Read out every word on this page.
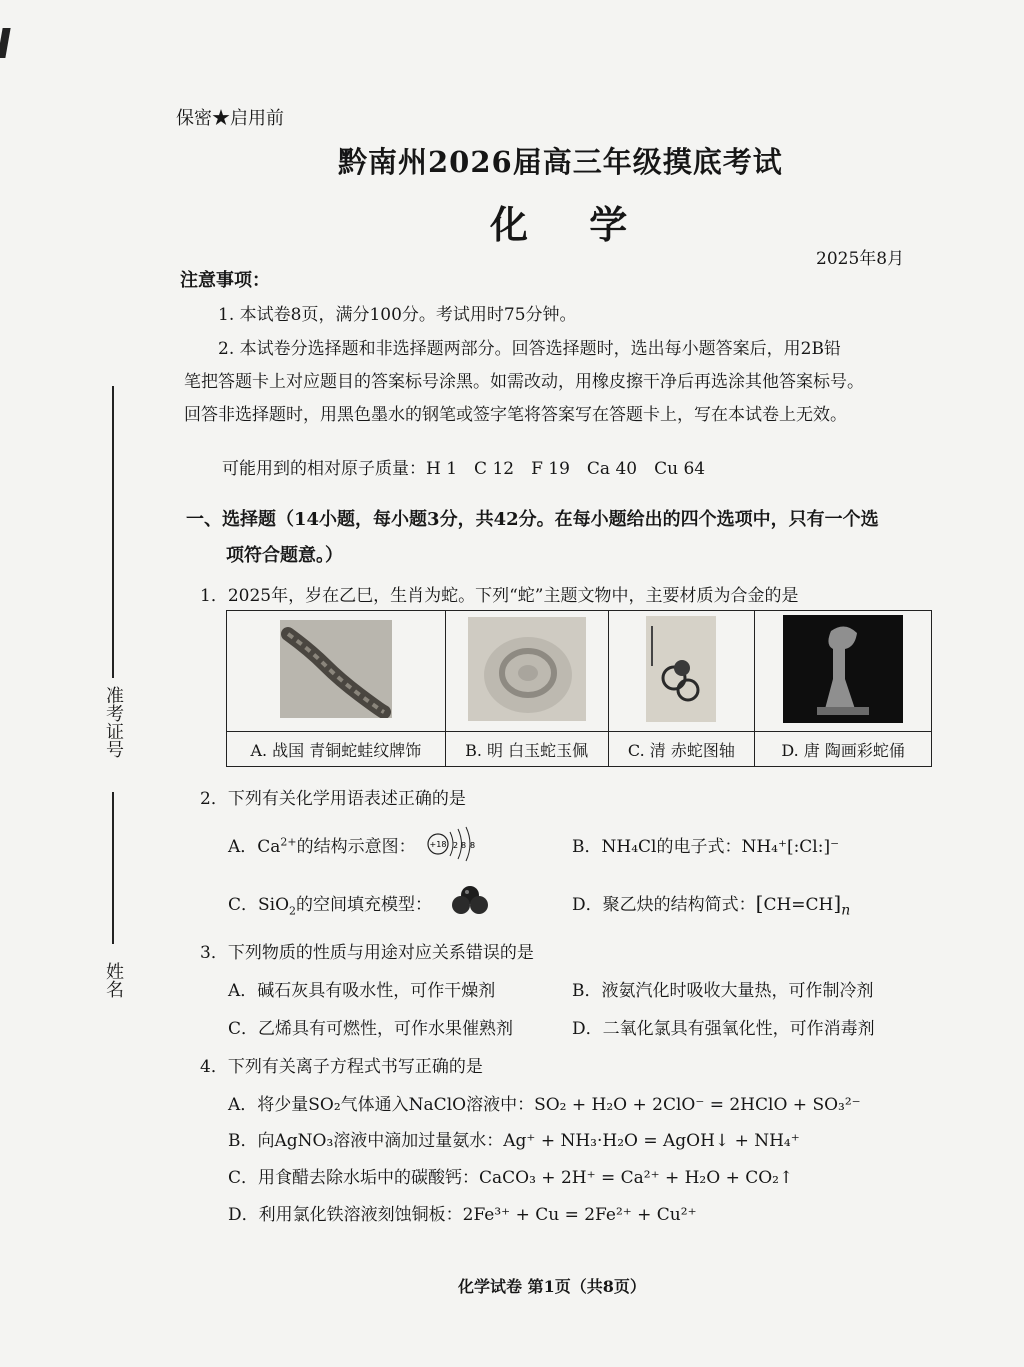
保密★启用前
黔南州2026届高三年级摸底考试
化 学
2025年8月
注意事项：
1. 本试卷8页，满分100分。考试用时75分钟。
2. 本试卷分选择题和非选择题两部分。回答选择题时，选出每小题答案后，用2B铅
笔把答题卡上对应题目的答案标号涂黑。如需改动，用橡皮擦干净后再选涂其他答案标号。
回答非选择题时，用黑色墨水的钢笔或签字笔将答案写在答题卡上，写在本试卷上无效。
可能用到的相对原子质量：H 1　C 12　F 19　Ca 40　Cu 64
一、选择题（14小题，每小题3分，共42分。在每小题给出的四个选项中，只有一个选
项符合题意。）
准考证号
姓名
1．2025年，岁在乙巳，生肖为蛇。下列“蛇”主题文物中，主要材质为合金的是

A. 战国 青铜蛇蛙纹牌饰	B. 明 白玉蛇玉佩	C. 清 赤蛇图轴	D. 唐 陶画彩蛇俑
2．下列有关化学用语表述正确的是
A．$Ca^{2+}$的结构示意图： +18 2 8 8	B．NH₄Cl的电子式：NH₄⁺[:Cl:]⁻
C．SiO$_2$的空间填充模型：	D．聚乙炔的结构简式：$[CH=CH]_n$
3．下列物质的性质与用途对应关系错误的是
A．碱石灰具有吸水性，可作干燥剂	B．液氨汽化时吸收大量热，可作制冷剂
C．乙烯具有可燃性，可作水果催熟剂	D．二氧化氯具有强氧化性，可作消毒剂
4．下列有关离子方程式书写正确的是
A．将少量SO₂气体通入NaClO溶液中：SO₂ + H₂O + 2ClO⁻ = 2HClO + SO₃²⁻
B．向AgNO₃溶液中滴加过量氨水：Ag⁺ + NH₃·H₂O = AgOH↓ + NH₄⁺
C．用食醋去除水垢中的碳酸钙：CaCO₃ + 2H⁺ = Ca²⁺ + H₂O + CO₂↑
D．利用氯化铁溶液刻蚀铜板：2Fe³⁺ + Cu = 2Fe²⁺ + Cu²⁺
化学试卷 第1页（共8页）
